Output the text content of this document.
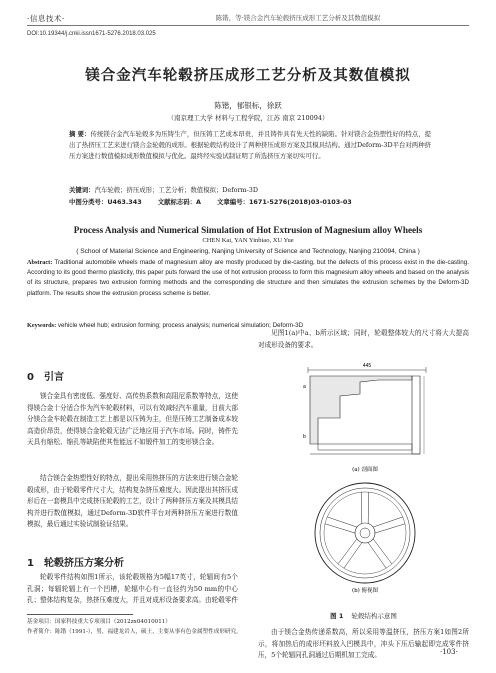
·信息技术·	陈锴，等·镁合金汽车轮毂挤压成形工艺分析及其数值模拟
DOI:10.19344/j.cnki.issn1671-5276.2018.03.025
镁合金汽车轮毂挤压成形工艺分析及其数值模拟
陈锴，郁银标，徐跃
（南京理工大学 材料与工程学院，江苏 南京 210094）
摘 要：传统镁合金汽车轮毂多为压铸生产，但压铸工艺成本昂贵，并且铸件具有先天性的缺陷。针对镁合金热塑性好的特点，提出了热挤压工艺来进行镁合金轮毂的成形。根据轮毂结构设计了两种挤压成形方案及其模具结构。通过Deform-3D平台对两种挤压方案进行数值模拟成形数值模拟与优化。最终经实验试制证明了所选挤压方案切实可行。
关键词：汽车轮毂；挤压成形；工艺分析；数值模拟；Deform-3D
中图分类号：U463.343	文献标志码：A	文章编号：1671-5276(2018)03-0103-03
Process Analysis and Numerical Simulation of Hot Extrusion of Magnesium alloy Wheels
CHEN Kai, YAN Yinbiao, XU Yue
( School of Material Science and Engineering, Nanjing University of Science and Technology, Nanjing 210094, China )
Abstract: Traditional automobile wheels made of magnesium alloy are mostly produced by die-casting, but the defects of this process exist in the die-casting. According to its good thermo plasticity, this paper puts forward the use of hot extrusion process to form this magnesium alloy wheels and based on the analysis of its structure, prepares two extrusion forming methods and the corresponding die structure and then simulates the extrusion schemes by the Deform-3D platform. The results show the extrusion process scheme is better.
Keywords: vehicle wheel hub; extrusion forming; process analysis; numerical simulation; Deform-3D
0 引言
镁合金具有密度低、强度好、高传热系数和高阻尼系数等特点，这使得镁合金十分适合作为汽车轮毂材料，可以有效减轻汽车重量，目前大部分镁合金车轮毂在制造工艺上都是以压铸为主，但是压铸工艺制备成本较高造价昂贵，使得镁合金轮毂无法广泛地应用于汽车市场。同时，铸件先天具有缩松、缩孔等缺陷使其性能远不如锻件加工的变形镁合金。
结合镁合金热塑性好的特点，提出采用热挤压的方法来进行镁合金轮毂成形，由于轮毂零件尺寸大，结构复杂挤压难度大。因此提出其挤压成形后在一套模具中完成挤压轮毂的工艺，设计了两种挤压方案及其模具结构并进行数值模拟，通过Deform-3D软件平台对两种挤压方案进行数值模拟，最后通过实验试制验证结果。
1 轮毂挤压方案分析
轮毂零件结构如图1所示，该轮毂规格为5幅17英寸，轮辐间有5个孔洞；每辐轮辐上有一个凹槽，轮辐中心有一直径约为50 mm的中心孔；整体结构复杂，热挤压难度大，并且对成形设备要求高。由轮毂零件
基金项目：国家科技重大专项项目（2012zx04010011）
作者简介：陈锴（1991-），男，福建龙岩人，硕士，主要从事有色金属塑性成形研究。
见图1(a)中a、b所示区域；同时，轮毂整体较大的尺寸将大大提高对成形设备的要求。
445
a
b
(a) 剖面图
(b) 俯视图
图 1 轮毂结构示意图
由于镁合金热传递系数高，所以采用等温挤压，挤压方案1如图2所示，将加热后的成形坯料放入凹模具中，冲头下压后输起即完成零件挤压，5个轮辐同孔洞通过后期机加工完成。	·103·
